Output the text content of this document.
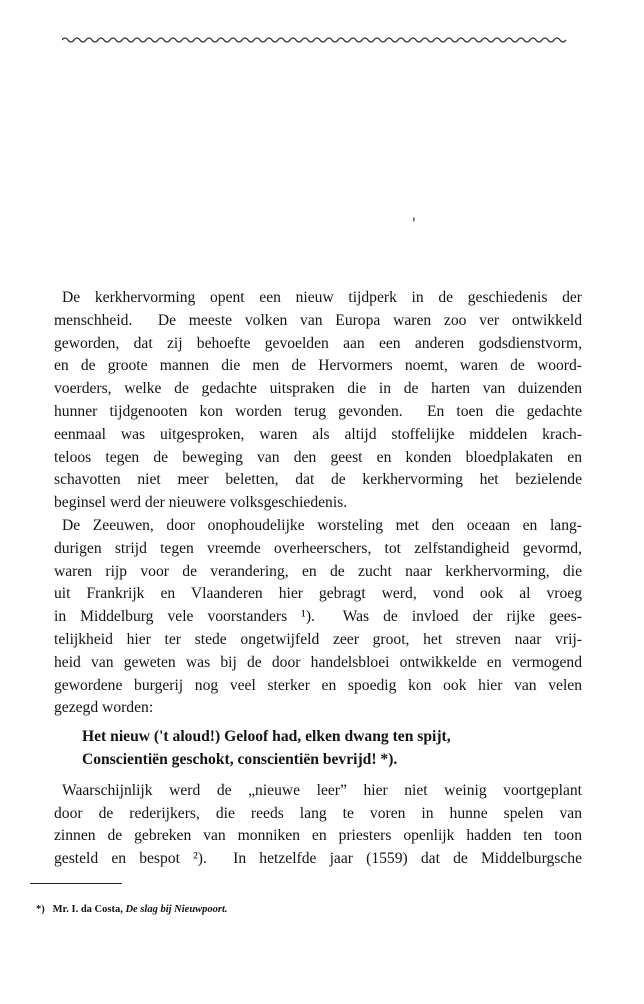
'
De kerkhervorming opent een nieuw tijdperk in de geschiedenis der
menschheid.  De meeste volken van Europa waren zoo ver ontwikkeld
geworden, dat zij behoefte gevoelden aan een anderen godsdienstvorm,
en de groote mannen die men de Hervormers noemt, waren de woord-
voerders, welke de gedachte uitspraken die in de harten van duizenden
hunner tijdgenooten kon worden terug gevonden.  En toen die gedachte
eenmaal was uitgesproken, waren als altijd stoffelijke middelen krach-
teloos tegen de beweging van den geest en konden bloedplakaten en
schavotten niet meer beletten, dat de kerkhervorming het bezielende
beginsel werd der nieuwere volksgeschiedenis.
De Zeeuwen, door onophoudelijke worsteling met den oceaan en lang-
durigen strijd tegen vreemde overheerschers, tot zelfstandigheid gevormd,
waren rijp voor de verandering, en de zucht naar kerkhervorming, die
uit Frankrijk en Vlaanderen hier gebragt werd, vond ook al vroeg
in Middelburg vele voorstanders ¹).  Was de invloed der rijke gees-
telijkheid hier ter stede ongetwijfeld zeer groot, het streven naar vrij-
heid van geweten was bij de door handelsbloei ontwikkelde en vermogend
gewordene burgerij nog veel sterker en spoedig kon ook hier van velen
gezegd worden:
Het nieuw ('t aloud!) Geloof had, elken dwang ten spijt,
Conscientiën geschokt, conscientiën bevrijd! *).
Waarschijnlijk werd de „nieuwe leer” hier niet weinig voortgeplant
door de rederijkers, die reeds lang te voren in hunne spelen van
zinnen de gebreken van monniken en priesters openlijk hadden ten toon
gesteld en bespot ²).  In hetzelfde jaar (1559) dat de Middelburgsche
*) Mr. I. da Costa, De slag bij Nieuwpoort.
